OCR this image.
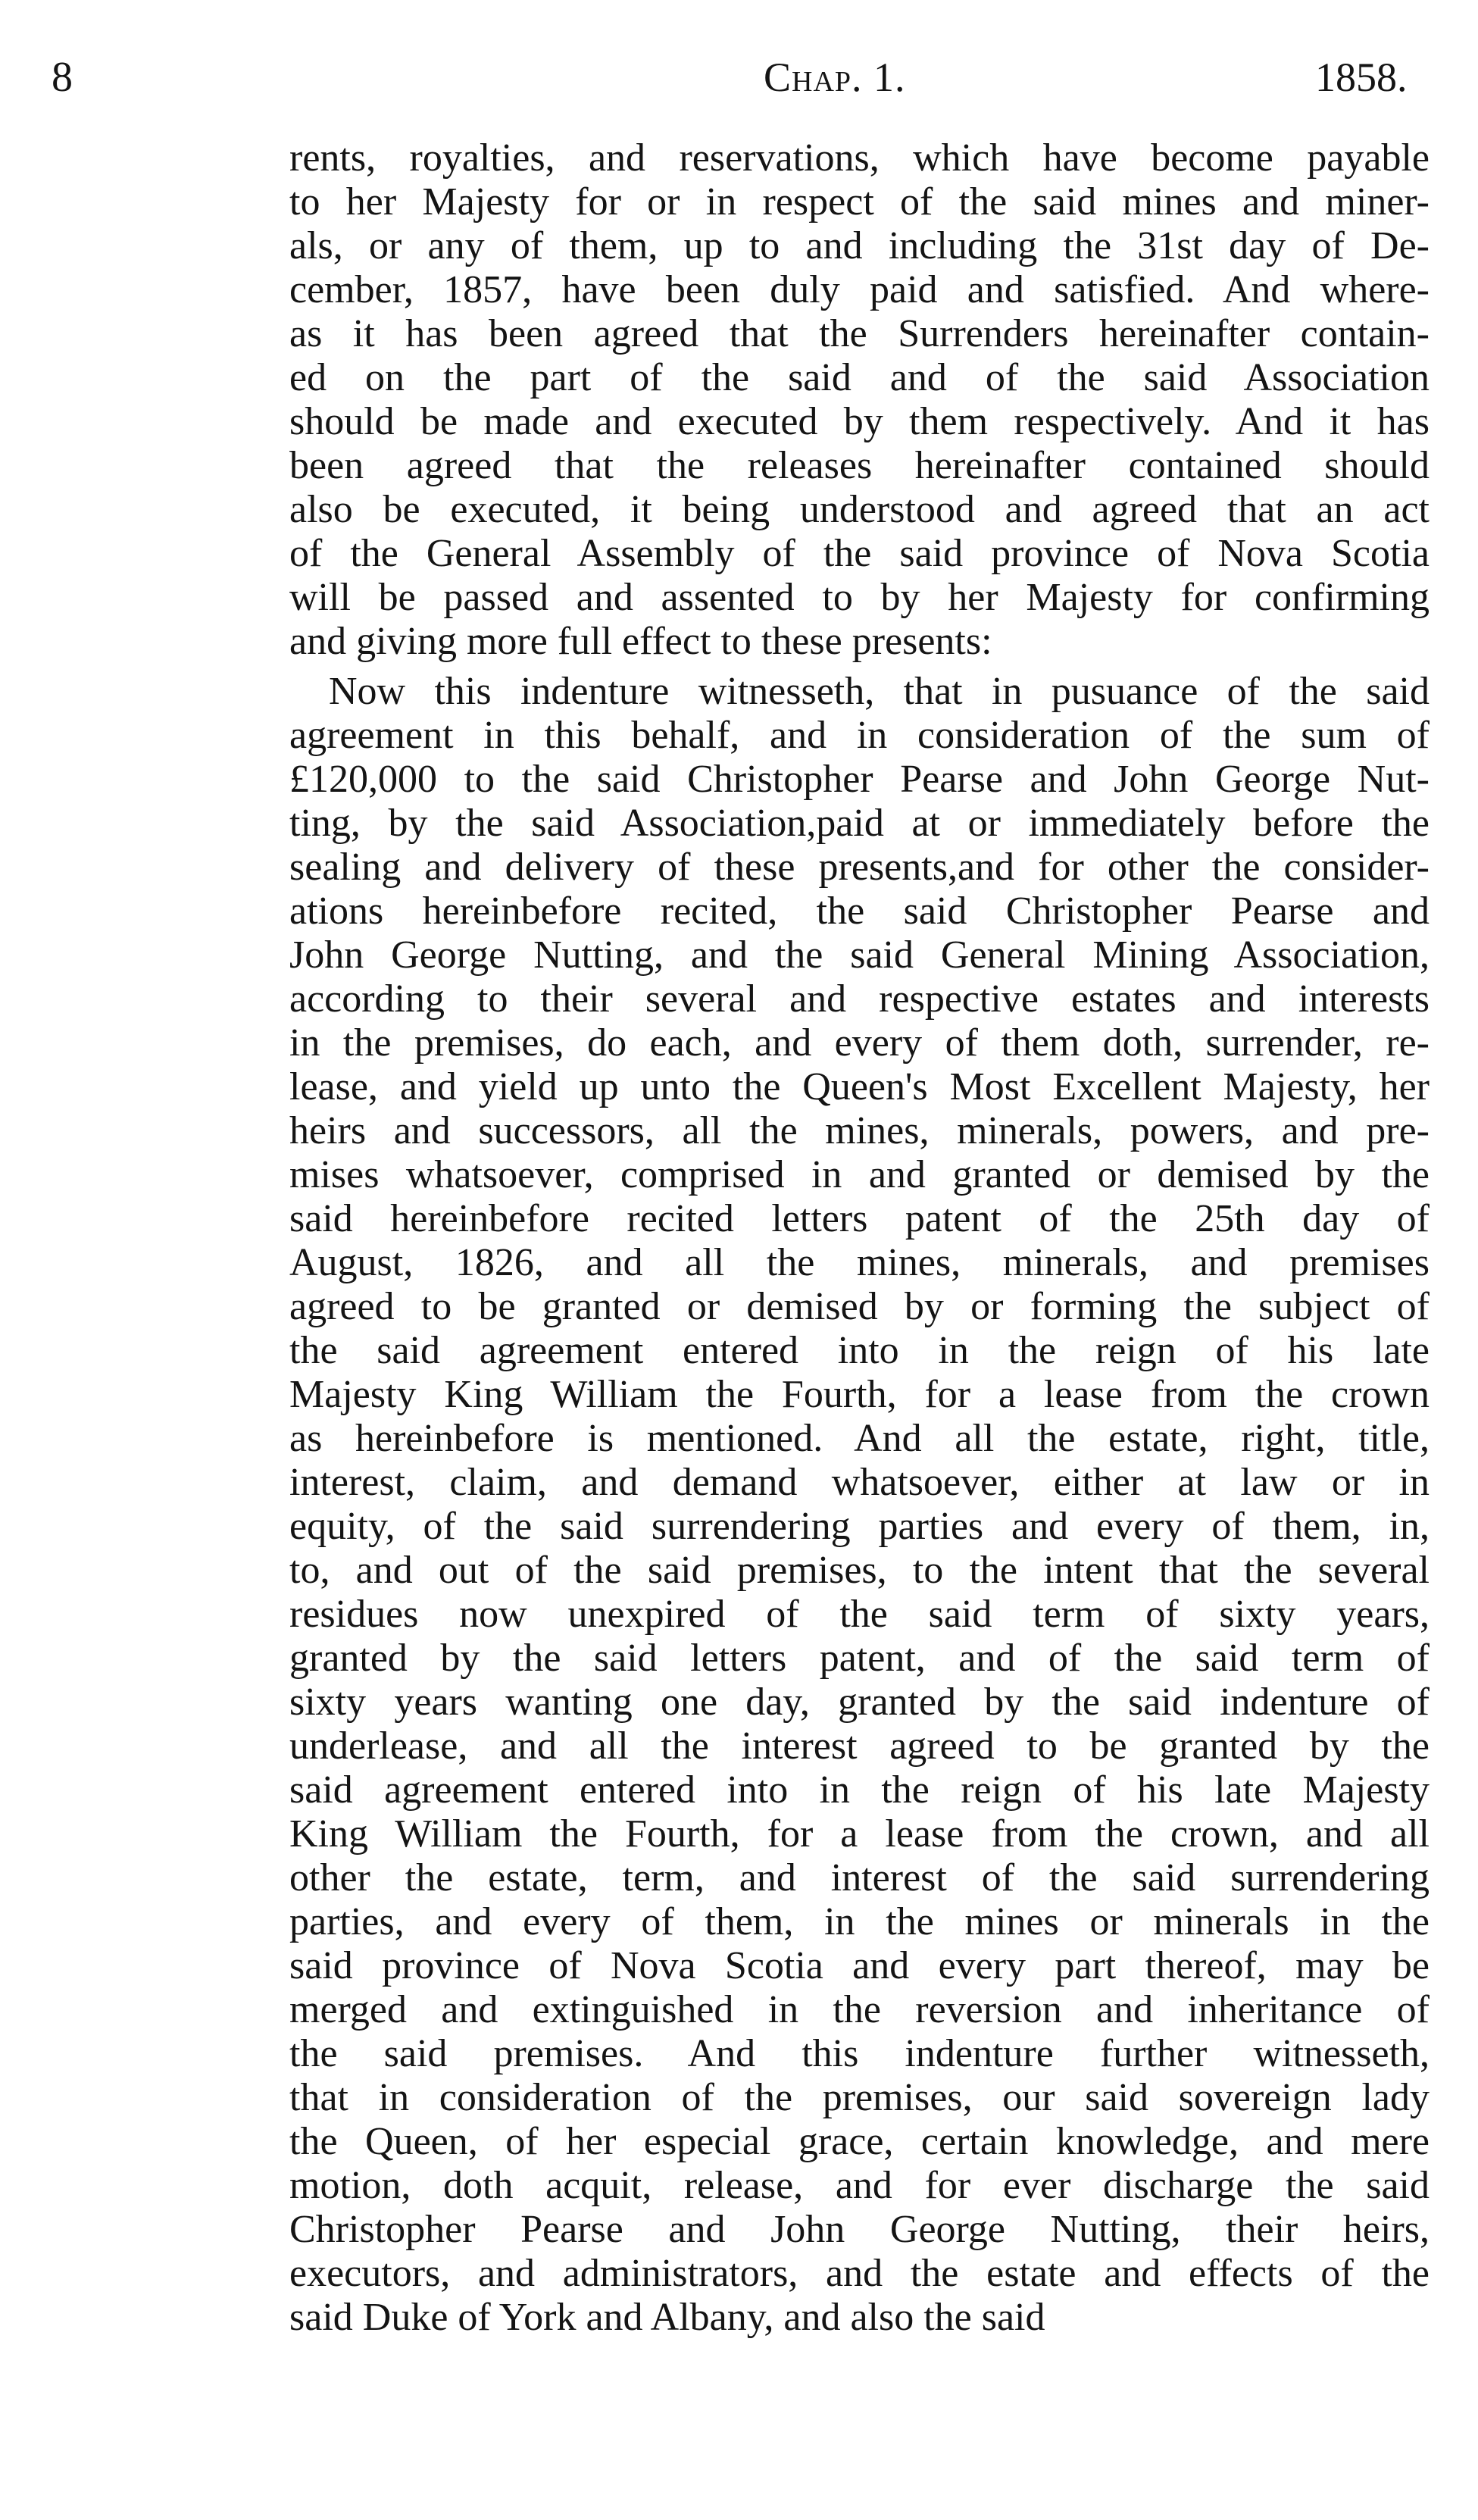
8	Chap. 1.	1858.
rents, royalties, and reservations, which have become payable
to her Majesty for or in respect of the said mines and miner-
als, or any of them, up to and including the 31st day of De-
cember, 1857, have been duly paid and satisfied. And where-
as it has been agreed that the Surrenders hereinafter contain-
ed on the part of the said and of the said Association
should be made and executed by them respectively. And it has
been agreed that the releases hereinafter contained should
also be executed, it being understood and agreed that an act
of the General Assembly of the said province of Nova Scotia
will be passed and assented to by her Majesty for confirming
and giving more full effect to these presents:
Now this indenture witnesseth, that in pusuance of the said
agreement in this behalf, and in consideration of the sum of
£120,000 to the said Christopher Pearse and John George Nut-
ting, by the said Association,paid at or immediately before the
sealing and delivery of these presents,and for other the consider-
ations hereinbefore recited, the said Christopher Pearse and
John George Nutting, and the said General Mining Association,
according to their several and respective estates and interests
in the premises, do each, and every of them doth, surrender, re-
lease, and yield up unto the Queen's Most Excellent Majesty, her
heirs and successors, all the mines, minerals, powers, and pre-
mises whatsoever, comprised in and granted or demised by the
said hereinbefore recited letters patent of the 25th day of
August, 1826, and all the mines, minerals, and premises
agreed to be granted or demised by or forming the subject of
the said agreement entered into in the reign of his late
Majesty King William the Fourth, for a lease from the crown
as hereinbefore is mentioned. And all the estate, right, title,
interest, claim, and demand whatsoever, either at law or in
equity, of the said surrendering parties and every of them, in,
to, and out of the said premises, to the intent that the several
residues now unexpired of the said term of sixty years,
granted by the said letters patent, and of the said term of
sixty years wanting one day, granted by the said indenture of
underlease, and all the interest agreed to be granted by the
said agreement entered into in the reign of his late Majesty
King William the Fourth, for a lease from the crown, and all
other the estate, term, and interest of the said surrendering
parties, and every of them, in the mines or minerals in the
said province of Nova Scotia and every part thereof, may be
merged and extinguished in the reversion and inheritance of
the said premises. And this indenture further witnesseth,
that in consideration of the premises, our said sovereign lady
the Queen, of her especial grace, certain knowledge, and mere
motion, doth acquit, release, and for ever discharge the said
Christopher Pearse and John George Nutting, their heirs,
executors, and administrators, and the estate and effects of the
said Duke of York and Albany, and also the said
